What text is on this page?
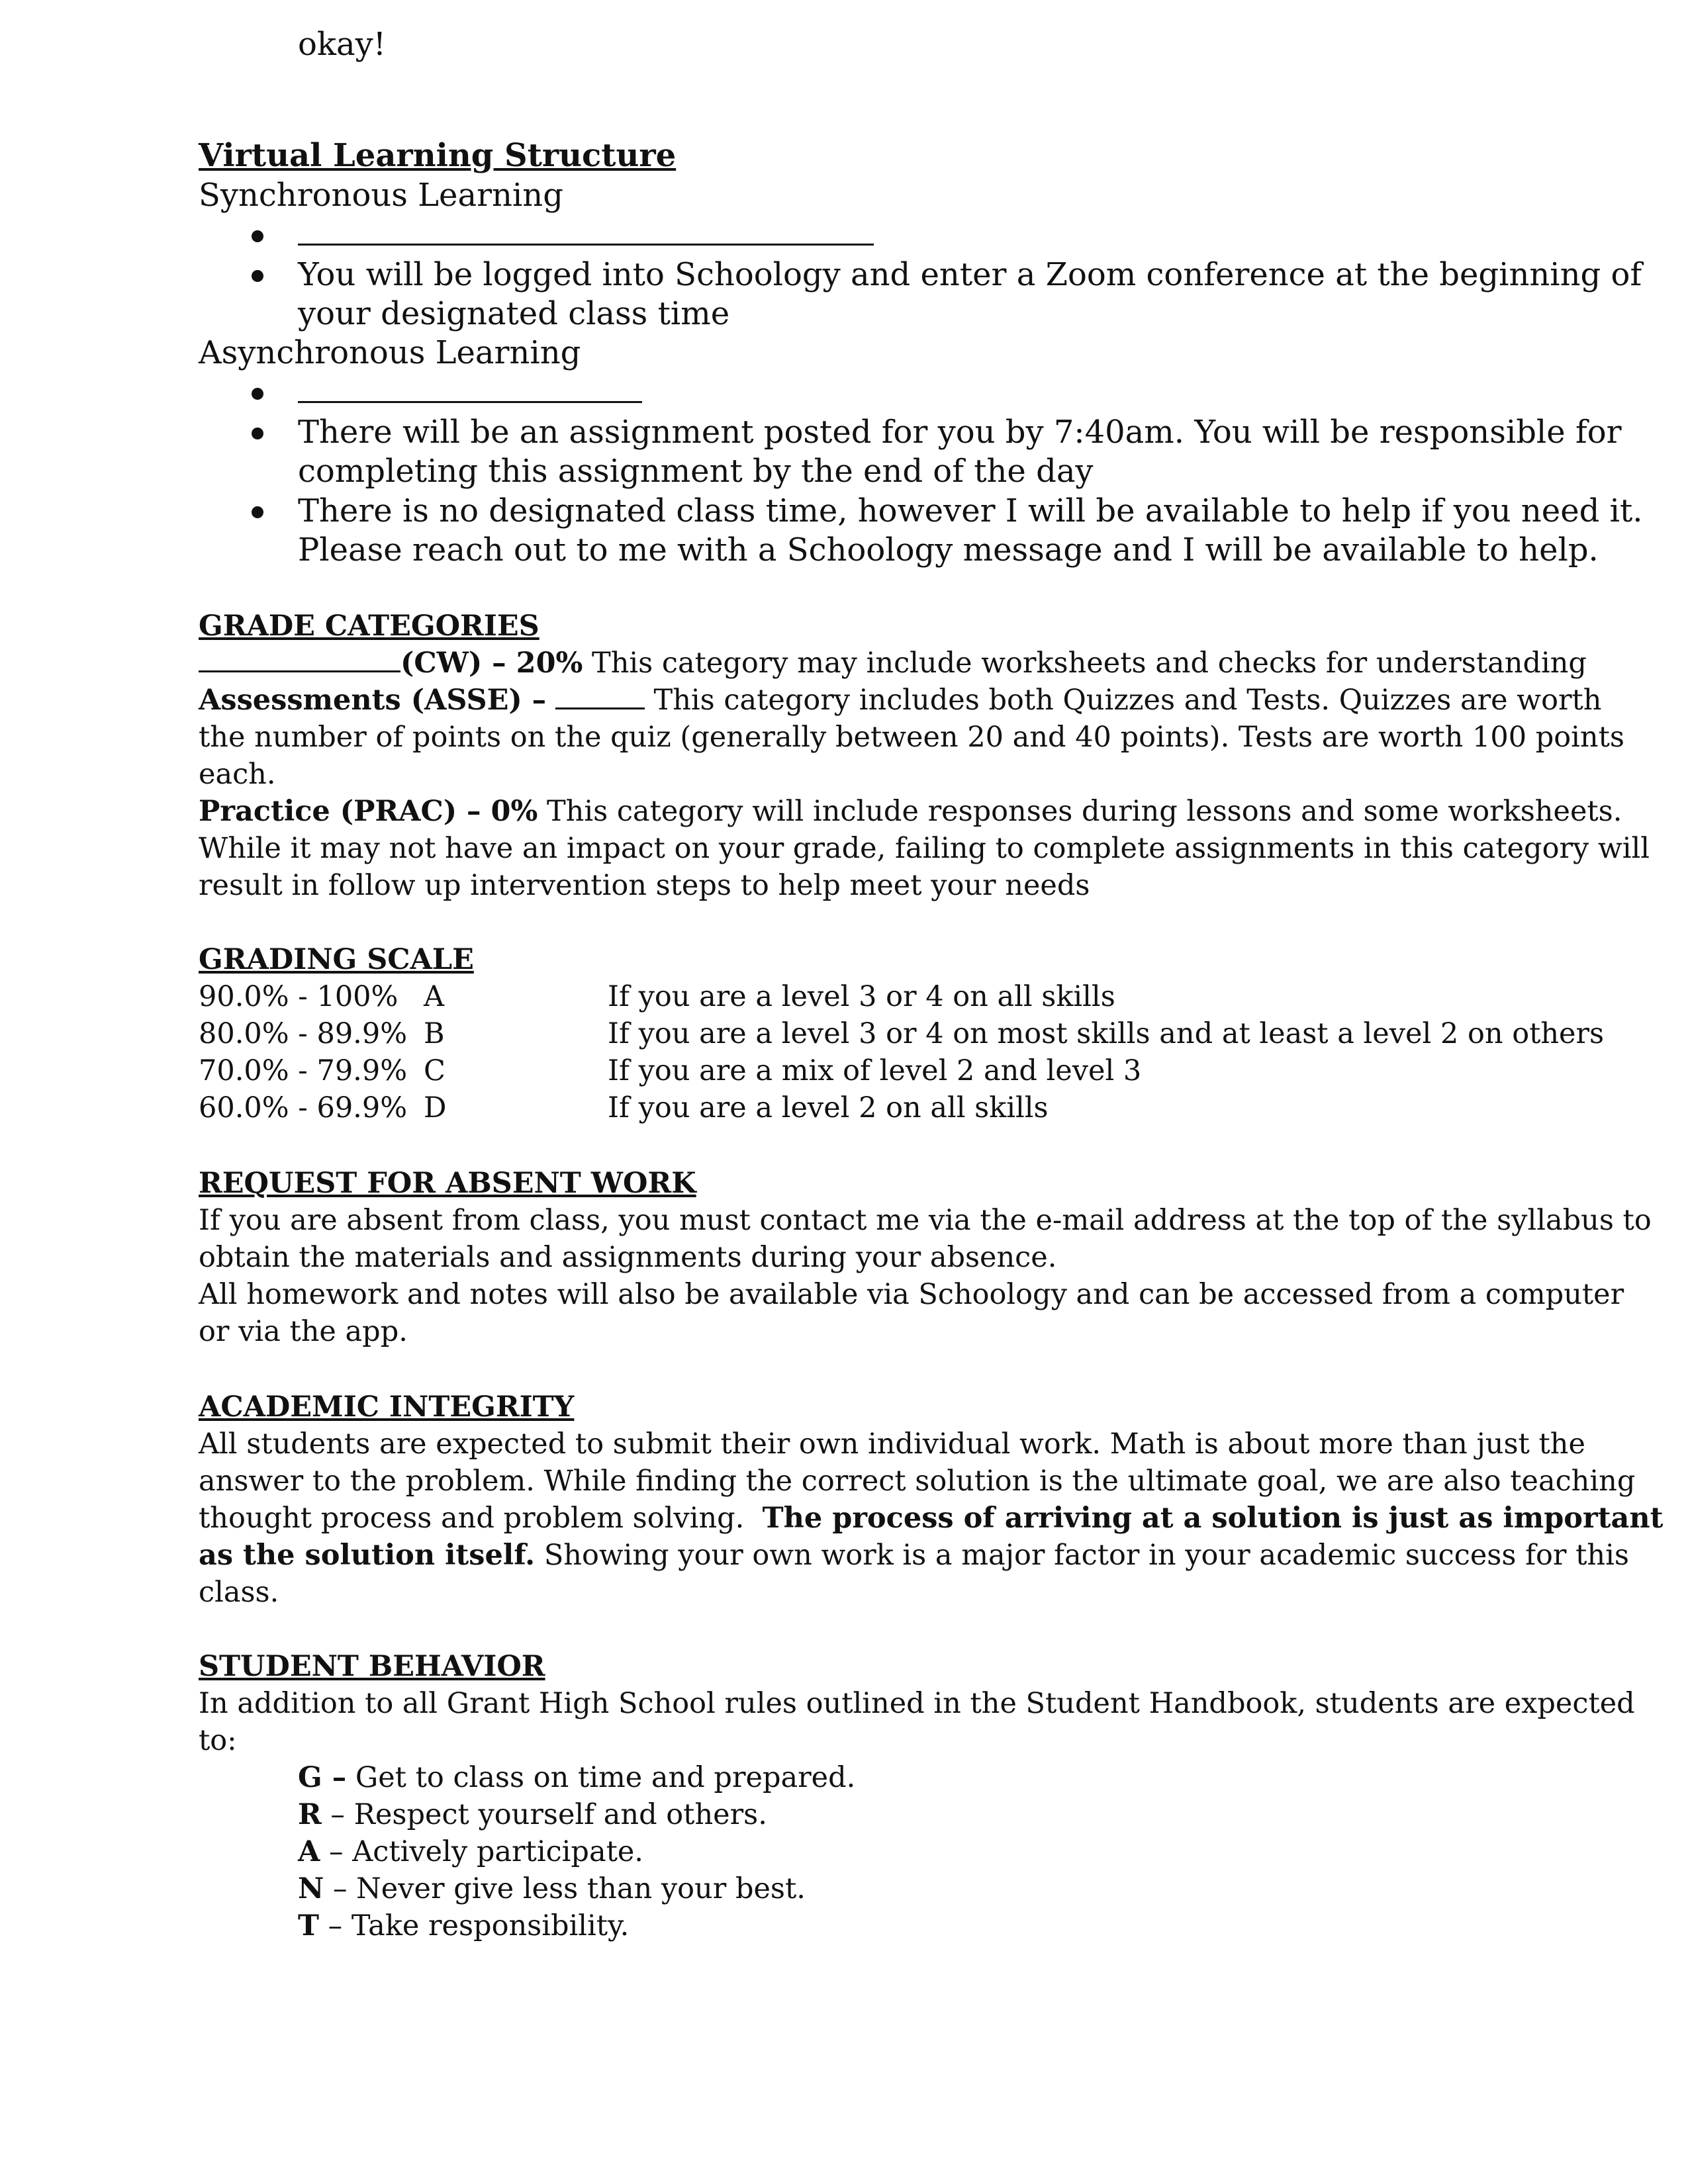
okay!
Virtual Learning Structure
Synchronous Learning
You will be logged into Schoology and enter a Zoom conference at the beginning of
your designated class time
Asynchronous Learning
There will be an assignment posted for you by 7:40am. You will be responsible for
completing this assignment by the end of the day
There is no designated class time, however I will be available to help if you need it.
Please reach out to me with a Schoology message and I will be available to help.
GRADE CATEGORIES
(CW) – 20% This category may include worksheets and checks for understanding
Assessments (ASSE) –	This category includes both Quizzes and Tests. Quizzes are worth
the number of points on the quiz (generally between 20 and 40 points). Tests are worth 100 points
each.
Practice (PRAC) – 0% This category will include responses during lessons and some worksheets.
While it may not have an impact on your grade, failing to complete assignments in this category will
result in follow up intervention steps to help meet your needs
GRADING SCALE
90.0% - 100% A	If you are a level 3 or 4 on all skills
80.0% - 89.9% B	If you are a level 3 or 4 on most skills and at least a level 2 on others
70.0% - 79.9% C	If you are a mix of level 2 and level 3
60.0% - 69.9% D	If you are a level 2 on all skills
REQUEST FOR ABSENT WORK
If you are absent from class, you must contact me via the e-mail address at the top of the syllabus to
obtain the materials and assignments during your absence.
All homework and notes will also be available via Schoology and can be accessed from a computer
or via the app.
ACADEMIC INTEGRITY
All students are expected to submit their own individual work. Math is about more than just the
answer to the problem. While finding the correct solution is the ultimate goal, we are also teaching
thought process and problem solving. The process of arriving at a solution is just as important
as the solution itself. Showing your own work is a major factor in your academic success for this
class.
STUDENT BEHAVIOR
In addition to all Grant High School rules outlined in the Student Handbook, students are expected
to:
G – Get to class on time and prepared.
R – Respect yourself and others.
A – Actively participate.
N – Never give less than your best.
T – Take responsibility.
